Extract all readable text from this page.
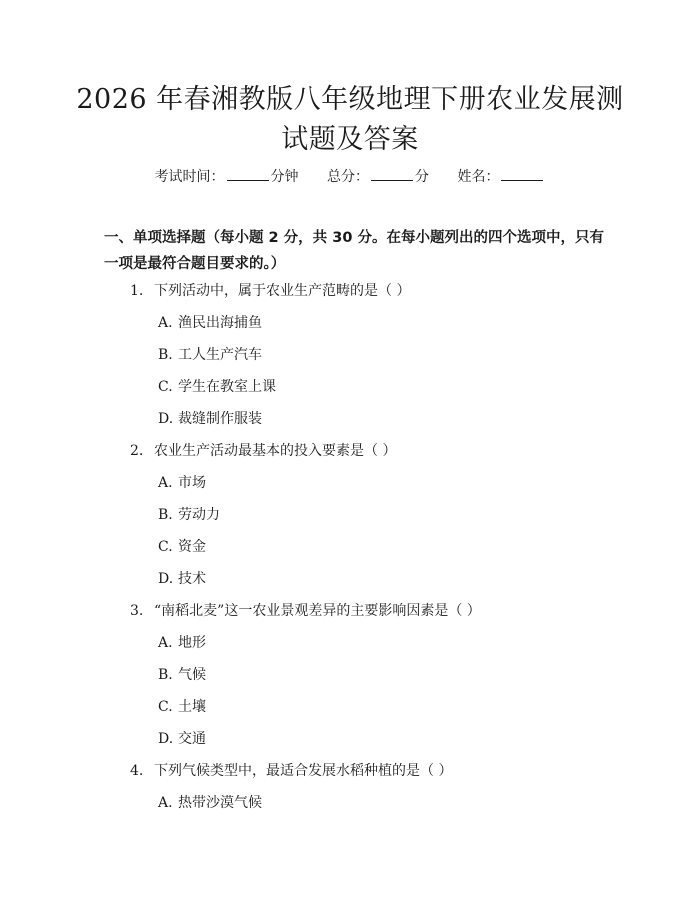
2026 年春湘教版八年级地理下册农业发展测
试题及答案
考试时间：	分钟 总分：	分 姓名：
一、单项选择题（每小题 2 分，共 30 分。在每小题列出的四个选项中，只有一项是最符合题目要求的。）
1. 下列活动中，属于农业生产范畴的是（ ）
A. 渔民出海捕鱼
B. 工人生产汽车
C. 学生在教室上课
D. 裁缝制作服装
2. 农业生产活动最基本的投入要素是（ ）
A. 市场
B. 劳动力
C. 资金
D. 技术
3. “南稻北麦”这一农业景观差异的主要影响因素是（ ）
A. 地形
B. 气候
C. 土壤
D. 交通
4. 下列气候类型中，最适合发展水稻种植的是（ ）
A. 热带沙漠气候
